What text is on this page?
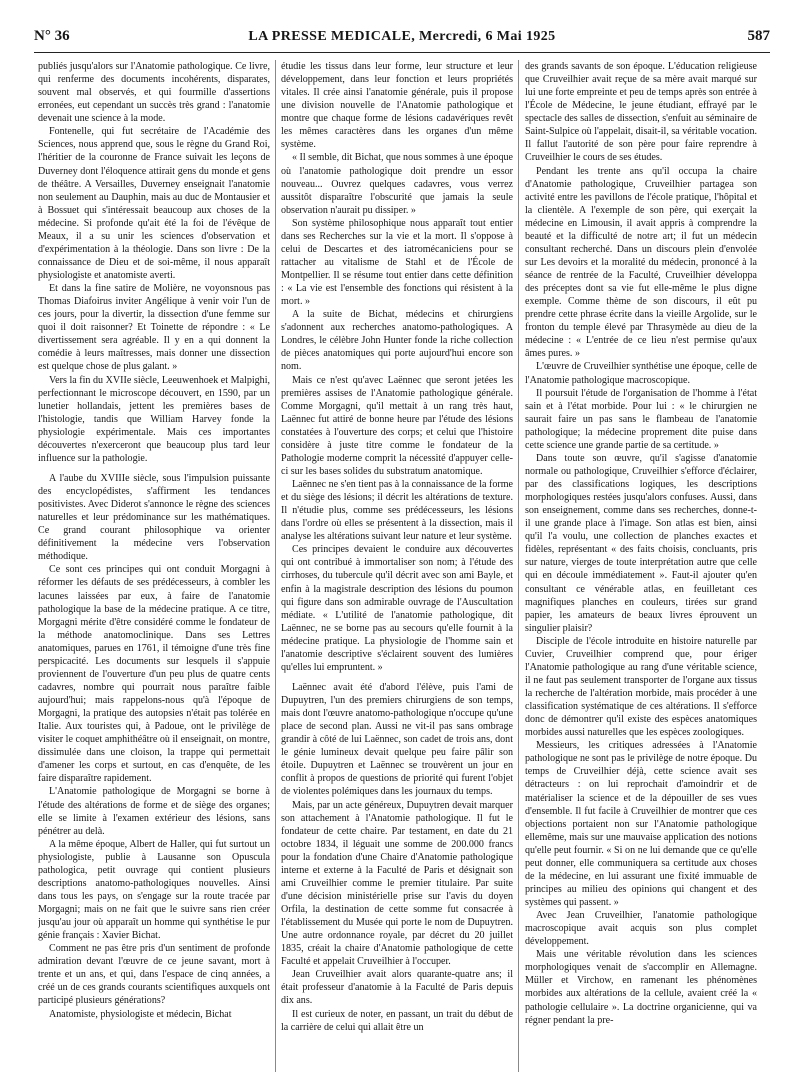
N° 36	LA PRESSE MEDICALE, Mercredi, 6 Mai 1925	587

publiés jusqu'alors sur l'Anatomie pathologique. Ce livre, qui renferme des documents incohérents, disparates, souvent mal observés, et qui fourmille d'assertions erronées, eut cependant un succès très grand : l'anatomie devenait une science à la mode.

Fontenelle, qui fut secrétaire de l'Académie des Sciences, nous apprend que, sous le règne du Grand Roi, l'héritier de la couronne de France suivait les leçons de Duverney dont l'éloquence attirait gens du monde et gens de théâtre. A Versailles, Duverney enseignait l'anatomie non seulement au Dauphin, mais au duc de Montausier et à Bossuet qui s'intéressait beaucoup aux choses de la médecine. Si profonde qu'ait été la foi de l'évêque de Meaux, il a su unir les sciences d'observation et d'expérimentation à la théologie. Dans son livre : De la connaissance de Dieu et de soi-même, il nous apparaît physiologiste et anatomiste averti.

Et dans la fine satire de Molière, ne voyonsnous pas Thomas Diafoirus inviter Angélique à venir voir l'un de ces jours, pour la divertir, la dissection d'une femme sur quoi il doit raisonner? Et Toinette de répondre : « Le divertissement sera agréable. Il y en a qui donnent la comédie à leurs maîtresses, mais donner une dissection est quelque chose de plus galant. »

Vers la fin du XVIIe siècle, Leeuwenhoek et Malpighi, perfectionnant le microscope découvert, en 1590, par un lunetier hollandais, jettent les premières bases de l'histologie, tandis que William Harvey fonde la physiologie expérimentale. Mais ces importantes découvertes n'exerceront que beaucoup plus tard leur influence sur la pathologie.

A l'aube du XVIIIe siècle, sous l'impulsion puissante des encyclopédistes, s'affirment les tendances positivistes. Avec Diderot s'annonce le règne des sciences naturelles et leur prédominance sur les mathématiques. Ce grand courant philosophique va orienter définitivement la médecine vers l'observation méthodique.

Ce sont ces principes qui ont conduit Morgagni à réformer les défauts de ses prédécesseurs, à combler les lacunes laissées par eux, à faire de l'anatomie pathologique la base de la médecine pratique. A ce titre, Morgagni mérite d'être considéré comme le fondateur de la méthode anatomoclinique. Dans ses Lettres anatomiques, parues en 1761, il témoigne d'une très fine perspicacité. Les documents sur lesquels il s'appuie proviennent de l'ouverture d'un peu plus de quatre cents cadavres, nombre qui pourrait nous paraître faible aujourd'hui; mais rappelons-nous qu'à l'époque de Morgagni, la pratique des autopsies n'était pas tolérée en Italie. Aux touristes qui, à Padoue, ont le privilège de visiter le coquet amphithéâtre où il enseignait, on montre, dissimulée dans une cloison, la trappe qui permettait d'amener les corps et surtout, en cas d'enquête, de les faire disparaître rapidement.

L'Anatomie pathologique de Morgagni se borne à l'étude des altérations de forme et de siège des organes; elle se limite à l'examen extérieur des lésions, sans pénétrer au delà.

A la même époque, Albert de Haller, qui fut surtout un physiologiste, publie à Lausanne son Opuscula pathologica, petit ouvrage qui contient plusieurs descriptions anatomo-pathologiques nouvelles. Ainsi dans tous les pays, on s'engage sur la route tracée par Morgagni; mais on ne fait que le suivre sans rien créer jusqu'au jour où apparaît un homme qui synthétise le pur génie français : Xavier Bichat.

Comment ne pas être pris d'un sentiment de profonde admiration devant l'œuvre de ce jeune savant, mort à trente et un ans, et qui, dans l'espace de cinq années, a créé un de ces grands courants scientifiques auxquels ont participé plusieurs générations?

Anatomiste, physiologiste et médecin, Bichat

étudie les tissus dans leur forme, leur structure et leur développement, dans leur fonction et leurs propriétés vitales. Il crée ainsi l'anatomie générale, puis il propose une division nouvelle de l'Anatomie pathologique et montre que chaque forme de lésions cadavériques revêt les mêmes caractères dans les organes d'un même système.

« Il semble, dit Bichat, que nous sommes à une époque où l'anatomie pathologique doit prendre un essor nouveau... Ouvrez quelques cadavres, vous verrez aussitôt disparaître l'obscurité que jamais la seule observation n'aurait pu dissiper. »

Son système philosophique nous apparaît tout entier dans ses Recherches sur la vie et la mort. Il s'oppose à celui de Descartes et des iatromécaniciens pour se rattacher au vitalisme de Stahl et de l'École de Montpellier. Il se résume tout entier dans cette définition : « La vie est l'ensemble des fonctions qui résistent à la mort. »

A la suite de Bichat, médecins et chirurgiens s'adonnent aux recherches anatomo-pathologiques. A Londres, le célèbre John Hunter fonde la riche collection de pièces anatomiques qui porte aujourd'hui encore son nom.

Mais ce n'est qu'avec Laënnec que seront jetées les premières assises de l'Anatomie pathologique générale. Comme Morgagni, qu'il mettait à un rang très haut, Laënnec fut attiré de bonne heure par l'étude des lésions constatées à l'ouverture des corps; et celui que l'histoire considère à juste titre comme le fondateur de la Pathologie moderne comprit la nécessité d'appuyer celle-ci sur les bases solides du substratum anatomique.

Laënnec ne s'en tient pas à la connaissance de la forme et du siège des lésions; il décrit les altérations de texture. Il n'étudie plus, comme ses prédécesseurs, les lésions dans l'ordre où elles se présentent à la dissection, mais il analyse les altérations suivant leur nature et leur système.

Ces principes devaient le conduire aux découvertes qui ont contribué à immortaliser son nom; à l'étude des cirrhoses, du tubercule qu'il décrit avec son ami Bayle, et enfin à la magistrale description des lésions du poumon qui figure dans son admirable ouvrage de l'Auscultation médiate. « L'utilité de l'anatomie pathologique, dit Laënnec, ne se borne pas au secours qu'elle fournit à la médecine pratique. La physiologie de l'homme sain et l'anatomie descriptive s'éclairent souvent des lumières qu'elles lui empruntent. »

Laënnec avait été d'abord l'élève, puis l'ami de Dupuytren, l'un des premiers chirurgiens de son temps, mais dont l'œuvre anatomo-pathologique n'occupe qu'une place de second plan. Aussi ne vit-il pas sans ombrage grandir à côté de lui Laënnec, son cadet de trois ans, dont le génie lumineux devait quelque peu faire pâlir son étoile. Dupuytren et Laënnec se trouvèrent un jour en conflit à propos de questions de priorité qui furent l'objet de violentes polémiques dans les journaux du temps.

Mais, par un acte généreux, Dupuytren devait marquer son attachement à l'Anatomie pathologique. Il fut le fondateur de cette chaire. Par testament, en date du 21 octobre 1834, il léguait une somme de 200.000 francs pour la fondation d'une Chaire d'Anatomie pathologique interne et externe à la Faculté de Paris et désignait son ami Cruveilhier comme le premier titulaire. Par suite d'une décision ministérielle prise sur l'avis du doyen Orfila, la destination de cette somme fut consacrée à l'établissement du Musée qui porte le nom de Dupuytren. Une autre ordonnance royale, par décret du 20 juillet 1835, créait la chaire d'Anatomie pathologique de cette Faculté et appelait Cruveilhier à l'occuper.

Jean Cruveilhier avait alors quarante-quatre ans; il était professeur d'anatomie à la Faculté de Paris depuis dix ans.

Il est curieux de noter, en passant, un trait du début de la carrière de celui qui allait être un

des grands savants de son époque. L'éducation religieuse que Cruveilhier avait reçue de sa mère avait marqué sur lui une forte empreinte et peu de temps après son entrée à l'École de Médecine, le jeune étudiant, effrayé par le spectacle des salles de dissection, s'enfuit au séminaire de Saint-Sulpice où l'appelait, disait-il, sa véritable vocation. Il fallut l'autorité de son père pour faire reprendre à Cruveilhier le cours de ses études.

Pendant les trente ans qu'il occupa la chaire d'Anatomie pathologique, Cruveilhier partagea son activité entre les pavillons de l'école pratique, l'hôpital et la clientèle. A l'exemple de son père, qui exerçait la médecine en Limousin, il avait appris à comprendre la beauté et la difficulté de notre art; il fut un médecin consultant recherché. Dans un discours plein d'envolée sur Les devoirs et la moralité du médecin, prononcé à la séance de rentrée de la Faculté, Cruveilhier développa des préceptes dont sa vie fut elle-même le plus digne exemple. Comme thème de son discours, il eût pu prendre cette phrase écrite dans la vieille Argolide, sur le fronton du temple élevé par Thrasymède au dieu de la médecine : « L'entrée de ce lieu n'est permise qu'aux âmes pures. »

L'œuvre de Cruveilhier synthétise une époque, celle de l'Anatomie pathologique macroscopique.

Il poursuit l'étude de l'organisation de l'homme à l'état sain et à l'état morbide. Pour lui : « le chirurgien ne saurait faire un pas sans le flambeau de l'anatomie pathologique; la médecine proprement dite puise dans cette science une grande partie de sa certitude. »

Dans toute son œuvre, qu'il s'agisse d'anatomie normale ou pathologique, Cruveilhier s'efforce d'éclairer, par des classifications logiques, les descriptions morphologiques restées jusqu'alors confuses. Aussi, dans son enseignement, comme dans ses recherches, donne-t-il une grande place à l'image. Son atlas est bien, ainsi qu'il l'a voulu, une collection de planches exactes et fidèles, représentant « des faits choisis, concluants, pris sur nature, vierges de toute interprétation autre que celle qui en découle immédiatement ». Faut-il ajouter qu'en consultant ce vénérable atlas, en feuilletant ces magnifiques planches en couleurs, tirées sur grand papier, les amateurs de beaux livres éprouvent un singulier plaisir?

Disciple de l'école introduite en histoire naturelle par Cuvier, Cruveilhier comprend que, pour ériger l'Anatomie pathologique au rang d'une véritable science, il ne faut pas seulement transporter de l'organe aux tissus la recherche de l'altération morbide, mais procéder à une classification systématique de ces altérations. Il s'efforce donc de démontrer qu'il existe des espèces anatomiques morbides aussi naturelles que les espèces zoologiques.

Messieurs, les critiques adressées à l'Anatomie pathologique ne sont pas le privilège de notre époque. Du temps de Cruveilhier déjà, cette science avait ses détracteurs : on lui reprochait d'amoindrir et de matérialiser la science et de la dépouiller de ses vues d'ensemble. Il fut facile à Cruveilhier de montrer que ces objections portaient non sur l'Anatomie pathologique ellemême, mais sur une mauvaise application des notions qu'elle peut fournir. « Si on ne lui demande que ce qu'elle peut donner, elle communiquera sa certitude aux choses de la médecine, en lui assurant une fixité immuable de principes au milieu des opinions qui changent et des systèmes qui passent. »

Avec Jean Cruveilhier, l'anatomie pathologique macroscopique avait acquis son plus complet développement.

Mais une véritable révolution dans les sciences morphologiques venait de s'accomplir en Allemagne. Müller et Virchow, en ramenant les phénomènes morbides aux altérations de la cellule, avaient créé la « pathologie cellulaire ». La doctrine organicienne, qui va régner pendant la pre-
